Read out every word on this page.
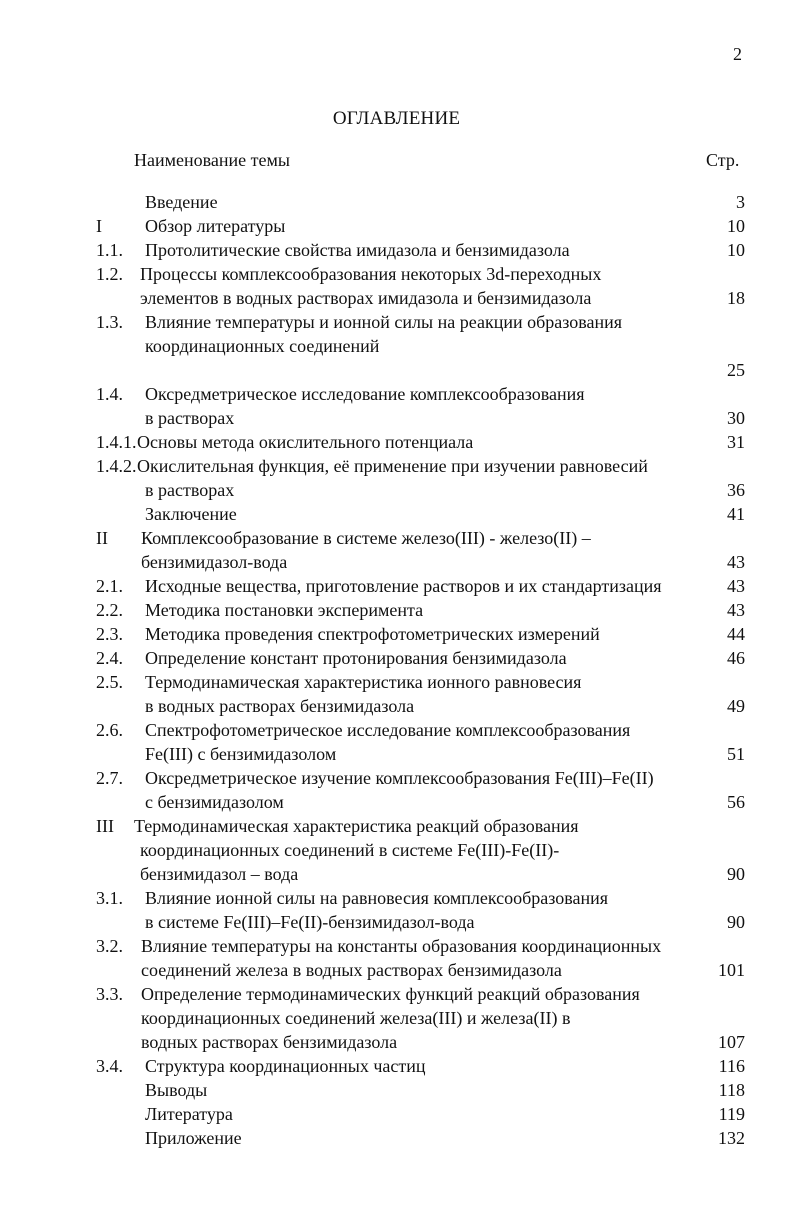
2
ОГЛАВЛЕНИЕ
Наименование темы	Стр.
Введение	3
I Обзор литературы	10
1.1. Протолитические свойства имидазола и бензимидазола	10
1.2. Процессы комплексообразования некоторых 3d-переходных
элементов в водных растворах имидазола и бензимидазола	18
1.3. Влияние температуры и ионной силы на реакции образования
координационных соединений
25
1.4. Оксредметрическое исследование комплексообразования
в растворах	30
1.4.1. Основы метода окислительного потенциала	31
1.4.2. Окислительная функция, её применение при изучении равновесий
в растворах	36
Заключение	41
II Комплексообразование в системе железо(III) - железо(II) –
бензимидазол-вода	43
2.1. Исходные вещества, приготовление растворов и их стандартизация	43
2.2. Методика постановки эксперимента	43
2.3. Методика проведения спектрофотометрических измерений	44
2.4. Определение констант протонирования бензимидазола	46
2.5. Термодинамическая характеристика ионного равновесия
в водных растворах бензимидазола	49
2.6. Спектрофотометрическое исследование комплексообразования
Fe(III) с бензимидазолом	51
2.7. Оксредметрическое изучение комплексообразования Fe(III)–Fe(II)
с бензимидазолом	56
III Термодинамическая характеристика реакций образования
координационных соединений в системе Fe(III)-Fe(II)-
бензимидазол – вода	90
3.1. Влияние ионной силы на равновесия комплексообразования
в системе Fe(III)–Fe(II)-бензимидазол-вода	90
3.2. Влияние температуры на константы образования координационных
соединений железа в водных растворах бензимидазола	101
3.3. Определение термодинамических функций реакций образования
координационных соединений железа(III) и железа(II) в
водных растворах бензимидазола	107
3.4. Структура координационных частиц	116
Выводы	118
Литература	119
Приложение	132
